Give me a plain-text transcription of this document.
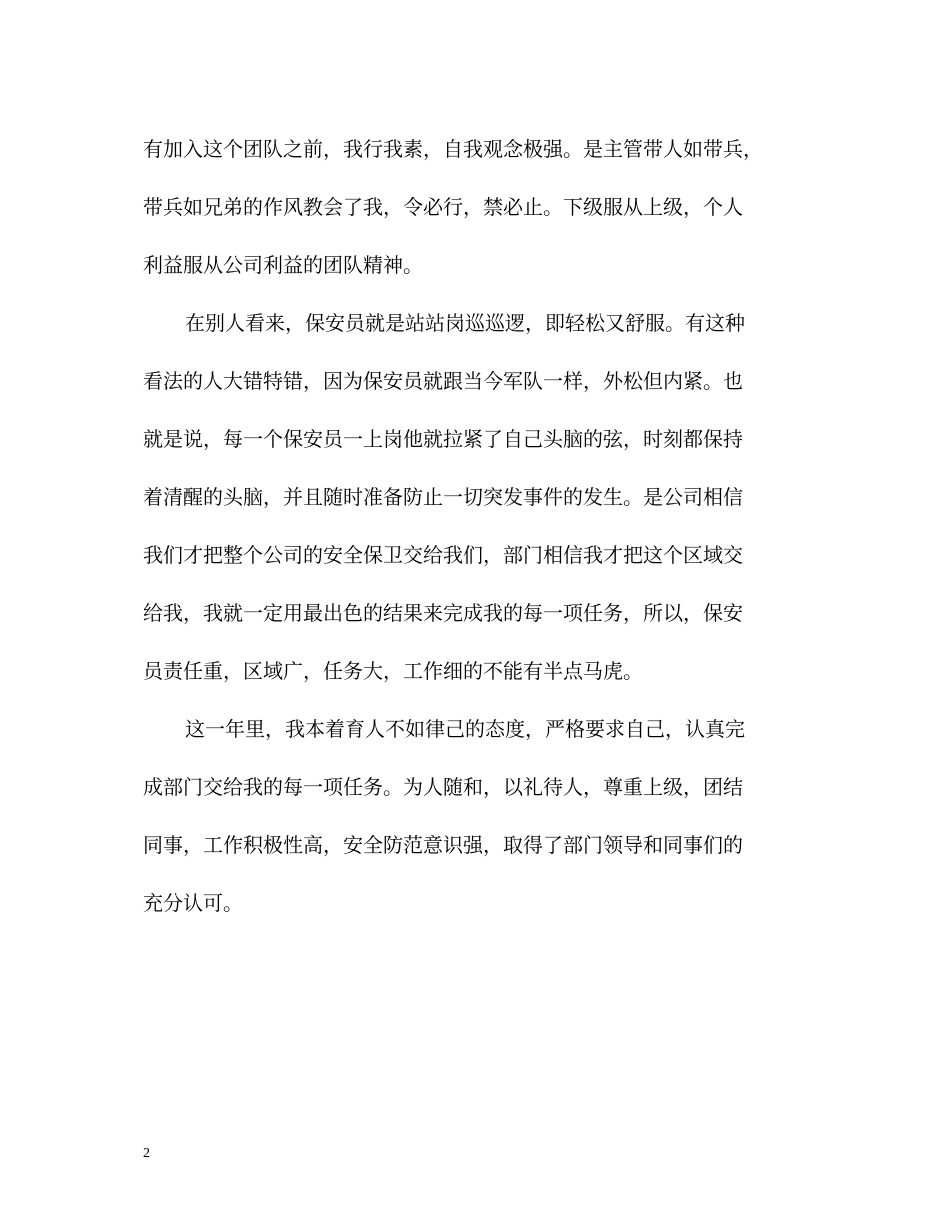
有加入这个团队之前，我行我素，自我观念极强。是主管带人如带兵，
带兵如兄弟的作风教会了我，令必行，禁必止。下级服从上级，个人
利益服从公司利益的团队精神。
在别人看来，保安员就是站站岗巡巡逻，即轻松又舒服。有这种
看法的人大错特错，因为保安员就跟当今军队一样，外松但内紧。也
就是说，每一个保安员一上岗他就拉紧了自己头脑的弦，时刻都保持
着清醒的头脑，并且随时准备防止一切突发事件的发生。是公司相信
我们才把整个公司的安全保卫交给我们，部门相信我才把这个区域交
给我，我就一定用最出色的结果来完成我的每一项任务，所以，保安
员责任重，区域广，任务大，工作细的不能有半点马虎。
这一年里，我本着育人不如律己的态度，严格要求自己，认真完
成部门交给我的每一项任务。为人随和，以礼待人，尊重上级，团结
同事，工作积极性高，安全防范意识强，取得了部门领导和同事们的
充分认可。
2
